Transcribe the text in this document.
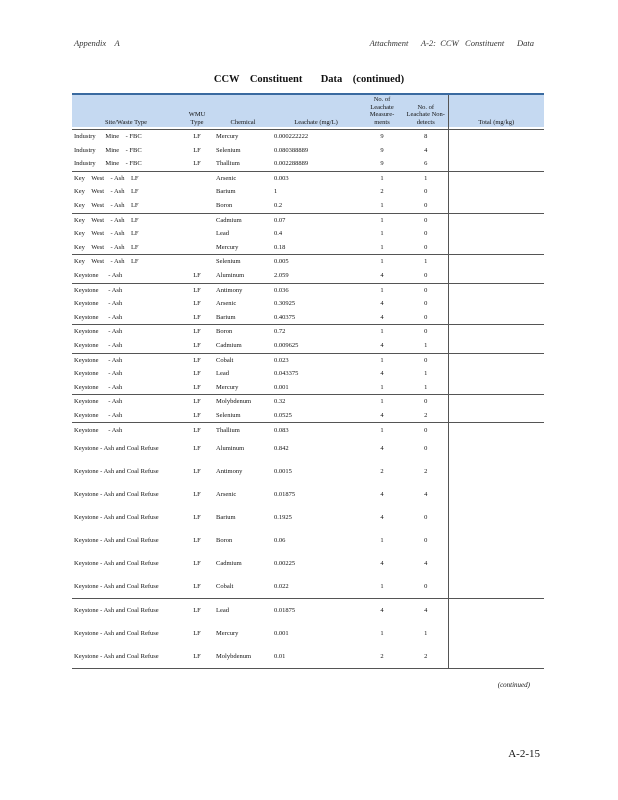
Appendix    A	Attachment      A-2:  CCW   Constituent      Data
CCW    Constituent       Data    (continued)
Site/Waste Type	WMU Type	Chemical	Leachate (mg/L)	No. of Leachate Measure- ments	No. of Leachate Non- detects	Total (mg/kg)

Industry      Mine    - FBC	LF	Mercury	0.000222222	9	8	
Industry      Mine    - FBC	LF	Selenium	0.080388889	9	4	
Industry      Mine    - FBC	LF	Thallium	0.002288889	9	6	
Key    West    - Ash    LF		Arsenic	0.003	1	1	
Key    West    - Ash    LF		Barium	1	2	0	
Key    West    - Ash    LF		Boron	0.2	1	0	
Key    West    - Ash    LF		Cadmium	0.07	1	0	
Key    West    - Ash    LF		Lead	0.4	1	0	
Key    West    - Ash    LF		Mercury	0.18	1	0	
Key    West    - Ash    LF		Selenium	0.005	1	1	
Keystone      - Ash	LF	Aluminum	2.059	4	0	
Keystone      - Ash	LF	Antimony	0.036	1	0	
Keystone      - Ash	LF	Arsenic	0.30925	4	0	
Keystone      - Ash	LF	Barium	0.40375	4	0	
Keystone      - Ash	LF	Boron	0.72	1	0	
Keystone      - Ash	LF	Cadmium	0.009625	4	1	
Keystone      - Ash	LF	Cobalt	0.023	1	0	
Keystone      - Ash	LF	Lead	0.043375	4	1	
Keystone      - Ash	LF	Mercury	0.001	1	1	
Keystone      - Ash	LF	Molybdenum	0.32	1	0	
Keystone      - Ash	LF	Selenium	0.0525	4	2	
Keystone      - Ash	LF	Thallium	0.083	1	0	
Keystone - Ash and Coal Refuse	LF	Aluminum	0.842	4	0	
Keystone - Ash and Coal Refuse	LF	Antimony	0.0015	2	2	
Keystone - Ash and Coal Refuse	LF	Arsenic	0.01875	4	4	
Keystone - Ash and Coal Refuse	LF	Barium	0.1925	4	0	
Keystone - Ash and Coal Refuse	LF	Boron	0.06	1	0	
Keystone - Ash and Coal Refuse	LF	Cadmium	0.00225	4	4	
Keystone - Ash and Coal Refuse	LF	Cobalt	0.022	1	0	
Keystone - Ash and Coal Refuse	LF	Lead	0.01875	4	4	
Keystone - Ash and Coal Refuse	LF	Mercury	0.001	1	1	
Keystone - Ash and Coal Refuse	LF	Molybdenum	0.01	2	2	
(continued)
A-2-15
